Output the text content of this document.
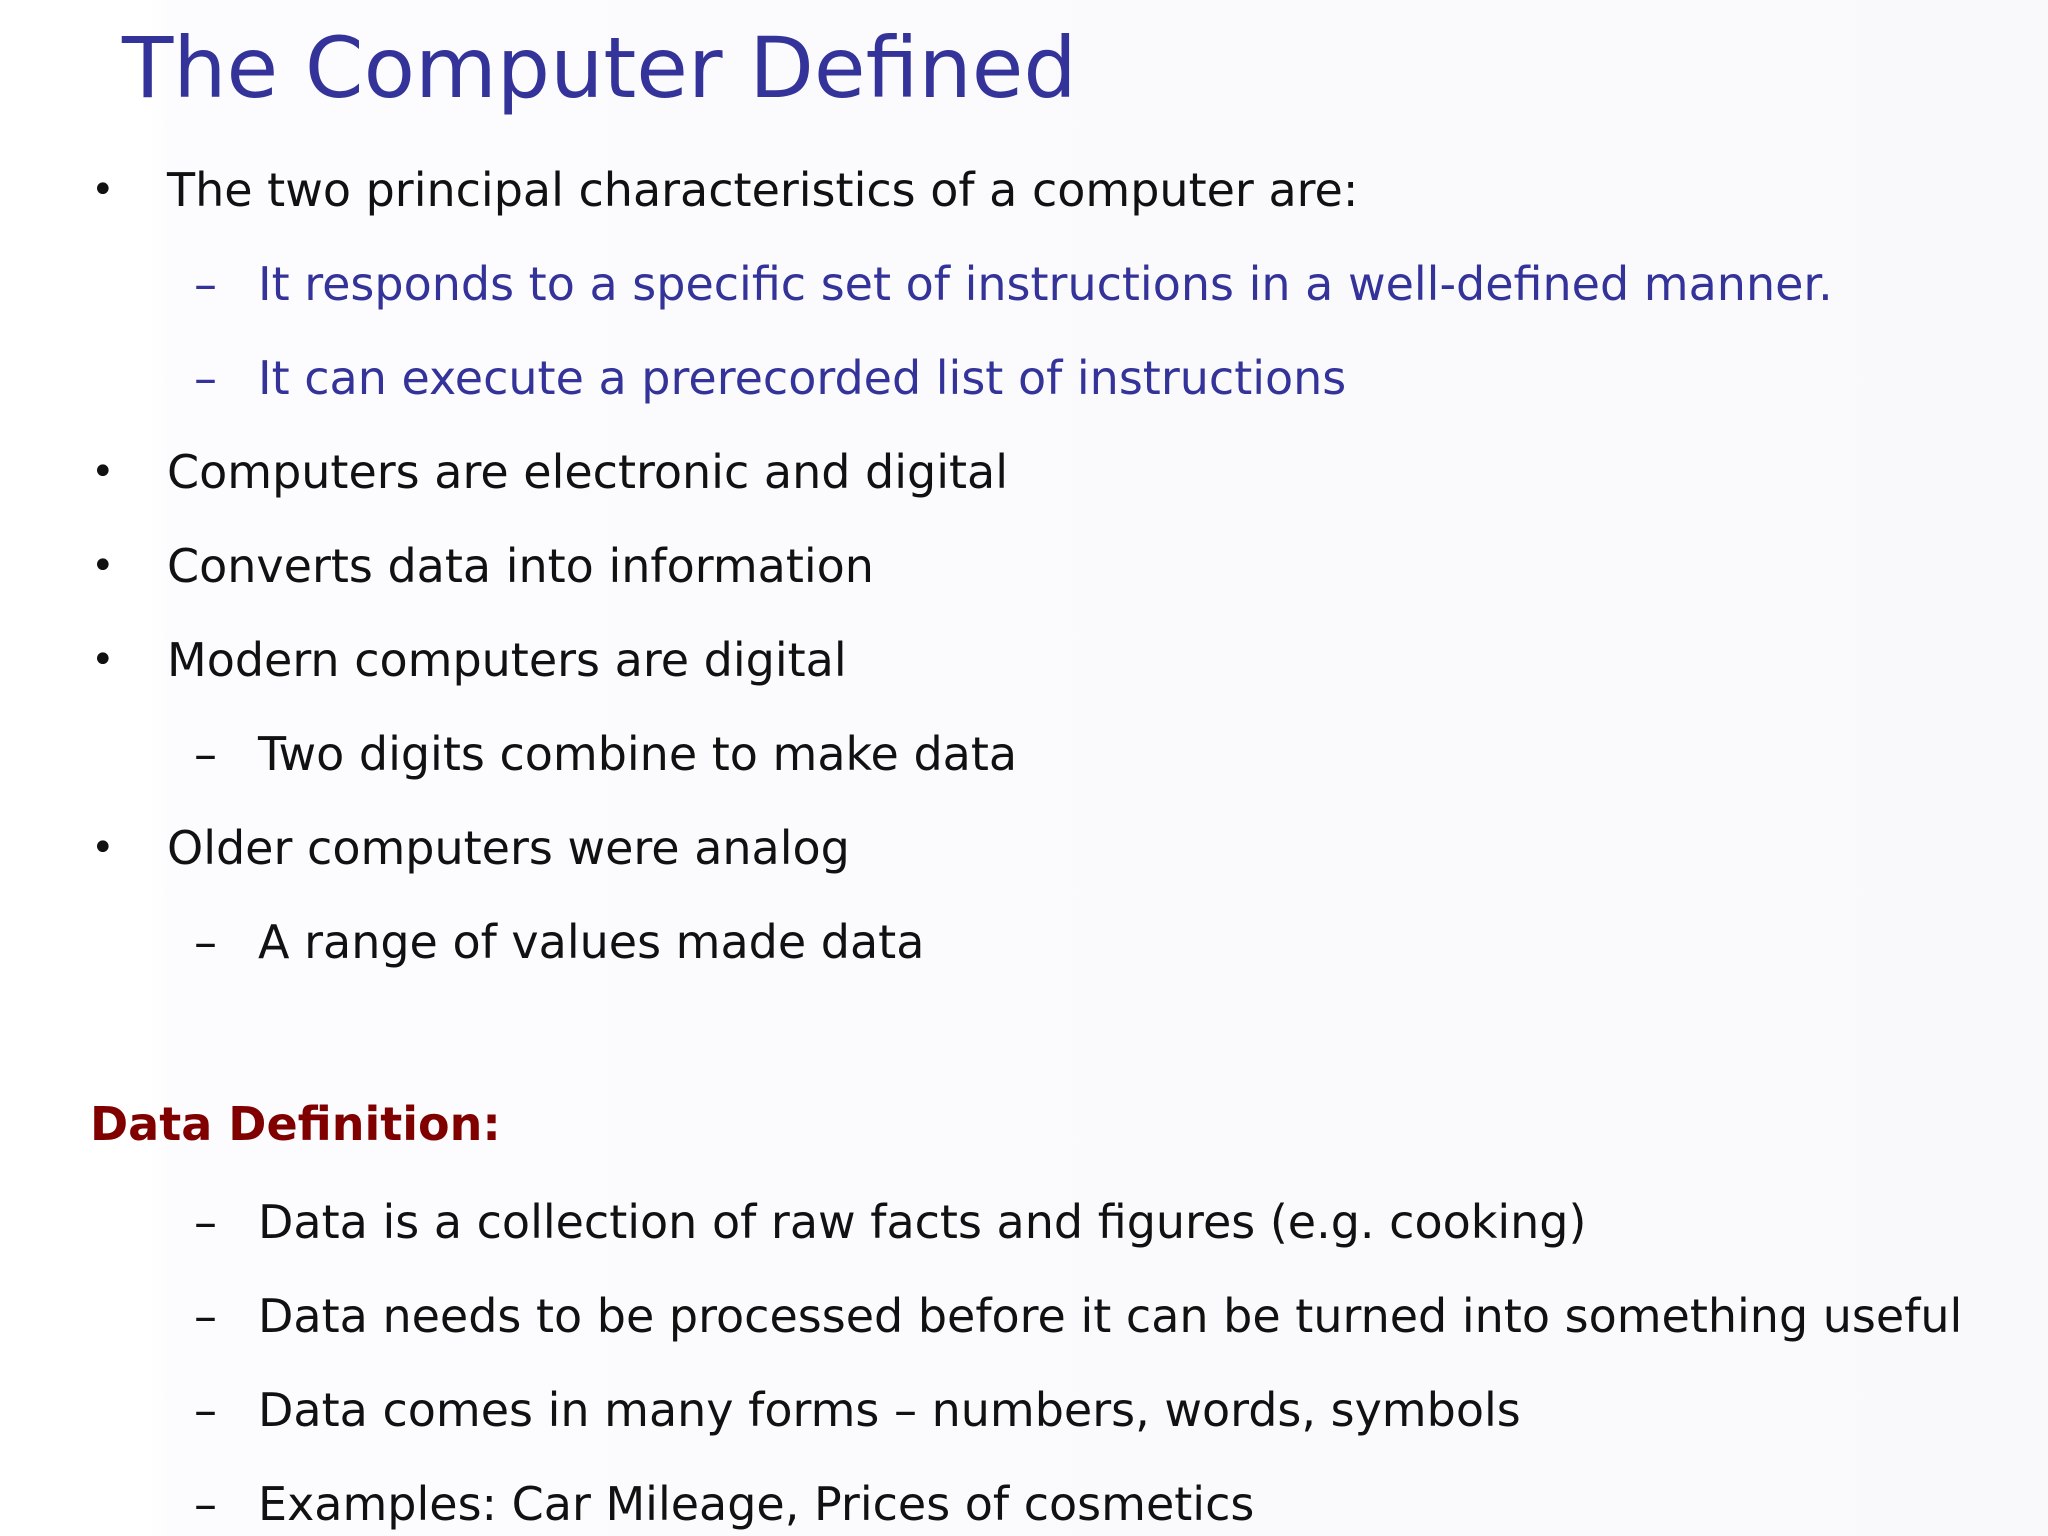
The Computer Defined
• The two principal characteristics of a computer are:
– It responds to a specific set of instructions in a well-defined manner.
– It can execute a prerecorded list of instructions
• Computers are electronic and digital
• Converts data into information
• Modern computers are digital
– Two digits combine to make data
• Older computers were analog
– A range of values made data
Data Definition:
– Data is a collection of raw facts and figures (e.g. cooking)
– Data needs to be processed before it can be turned into something useful
– Data comes in many forms – numbers, words, symbols
– Examples: Car Mileage, Prices of cosmetics
